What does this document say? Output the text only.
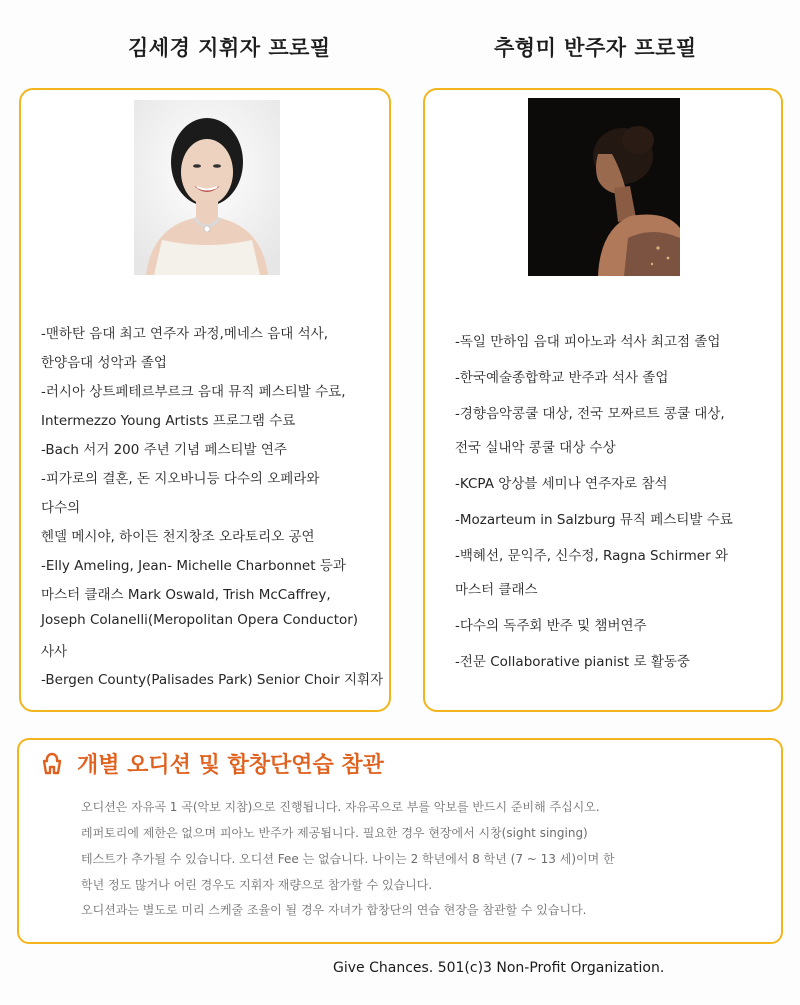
김세경 지휘자 프로필	추형미 반주자 프로필
-맨하탄 음대 최고 연주자 과정,메네스 음대 석사,
한양음대 성악과 졸업
-러시아 상트페테르부르크 음대 뮤직 페스티발 수료,
Intermezzo Young Artists 프로그램 수료
-Bach 서거 200 주년 기념 페스티발 연주
-피가로의 결혼, 돈 지오바니등 다수의 오페라와
다수의
헨델 메시야, 하이든 천지창조 오라토리오 공연
-Elly Ameling, Jean- Michelle Charbonnet 등과
마스터 클래스 Mark Oswald, Trish McCaffrey,
Joseph Colanelli(Meropolitan Opera Conductor)
사사
-Bergen County(Palisades Park) Senior Choir 지휘자
-독일 만하임 음대 피아노과 석사 최고점 졸업
-한국예술종합학교 반주과 석사 졸업
-경향음악콩쿨 대상, 전국 모짜르트 콩쿨 대상,
전국 실내악 콩쿨 대상 수상
-KCPA 앙상블 세미나 연주자로 참석
-Mozarteum in Salzburg 뮤직 페스티발 수료
-백혜선, 문익주, 신수정, Ragna Schirmer 와
마스터 클래스
-다수의 독주회 반주 및 챔버연주
-전문 Collaborative pianist 로 활동중
개별 오디션 및 합창단연습 참관
오디션은 자유곡 1 곡(악보 지참)으로 진행됩니다. 자유곡으로 부를 악보를 반드시 준비해 주십시오.
레퍼토리에 제한은 없으며 피아노 반주가 제공됩니다. 필요한 경우 현장에서 시창(sight singing)
테스트가 추가될 수 있습니다. 오디션 Fee 는 없습니다. 나이는 2 학년에서 8 학년 (7 ~ 13 세)이며 한
학년 정도 많거나 어린 경우도 지휘자 재량으로 참가할 수 있습니다.
오디션과는 별도로 미리 스케줄 조율이 될 경우 자녀가 합창단의 연습 현장을 참관할 수 있습니다.
Give Chances. 501(c)3 Non-Profit Organization.
